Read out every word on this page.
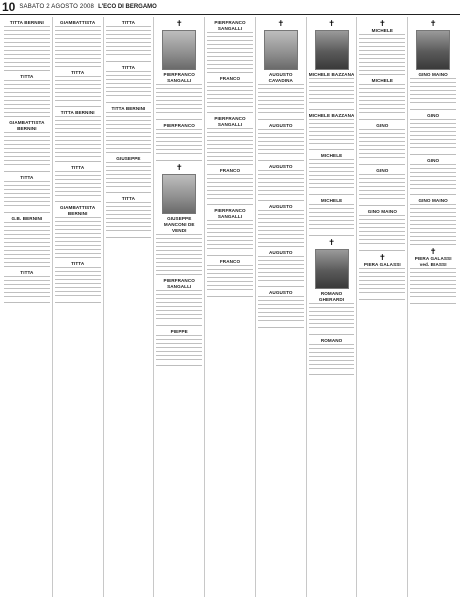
10 SABATO 2 AGOSTO 2008 L'ECO DI BERGAMO
TITTA BERNINI
TITTA
GIAMBATTISTA BERNINI
TITTA
G.B. BERNINI
TITTA
GIAMBATTISTA
TITTA
TITTA BERNINI
TITTA
GIAMBATTISTA BERNINI
TITTA
TITTA
TITTA
TITTA BERNINI
GIUSEPPE
TITTA
✝
PIERFRANCO SANGALLI
PIERFRANCO
✝
GIUSEPPE MANCONI DE VENDI
PIERFRANCO SANGALLI
PIEPPE
PIERFRANCO SANGALLI
FRANCO
PIERFRANCO SANGALLI
FRANCO
PIERFRANCO SANGALLI
FRANCO
✝
AUGUSTO CAVADINA
AUGUSTO
AUGUSTO
AUGUSTO
AUGUSTO
AUGUSTO
✝
MICHELE BAZZANA
MICHELE BAZZANA
MICHELE
MICHELE
✝
ROMANO GHERARDI
ROMANO
✝
MICHELE
MICHELE
GINO
GINO
GINO MAINO
✝
PIERA GALASSI
✝
GINO MAINO
GINO
GINO
GINO MAINO
✝
PIERA GALASSI ved. BIASSI
